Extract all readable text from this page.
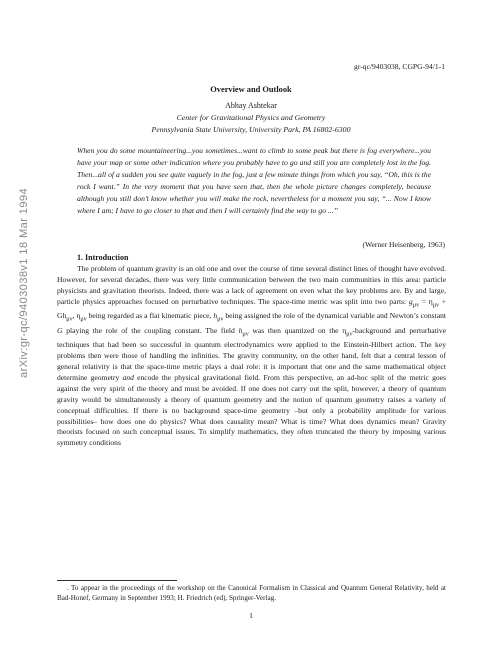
gr-qc/9403038, CGPG-94/1-1
Overview and Outlook
Abhay Ashtekar
Center for Gravitational Physics and Geometry
Pennsylvania State University, University Park, PA 16802-6300

When you do some mountaineering...you sometimes...want to climb to some peak but there is fog everywhere...you have your map or some other indication where you probably have to go and still you are completely lost in the fog. Then...all of a sudden you see quite vaguely in the fog, just a few minute things from which you say, “Oh, this is the rock I want.” In the very moment that you have seen that, then the whole picture changes completely, because although you still don’t know whether you will make the rock, nevertheless for a moment you say, “... Now I know where I am; I have to go closer to that and then I will certainly find the way to go ...”

(Werner Heisenberg, 1963)
1. Introduction

The problem of quantum gravity is an old one and over the course of time several distinct lines of thought have evolved. However, for several decades, there was very little communication between the two main communities in this area: particle physicists and gravitation theorists. Indeed, there was a lack of agreement on even what the key problems are. By and large, particle physics approaches focused on perturbative techniques. The space-time metric was split into two parts: $g_{\mu\nu} = \eta_{\mu\nu} + Gh_{\mu\nu}$, $\eta_{\mu\nu}$ being regarded as a flat kinematic piece, $h_{\mu\nu}$ being assigned the role of the dynamical variable and Newton’s constant G playing the role of the coupling constant. The field $h_{\mu\nu}$ was then quantized on the $\eta_{\mu\nu}$-background and perturbative techniques that had been so successful in quantum electrodynamics were applied to the Einstein-Hilbert action. The key problems then were those of handling the infinities. The gravity community, on the other hand, felt that a central lesson of general relativity is that the space-time metric plays a dual role: it is important that one and the same mathematical object determine geometry and encode the physical gravitational field. From this perspective, an ad-hoc split of the metric goes against the very spirit of the theory and must be avoided. If one does not carry out the split, however, a theory of quantum gravity would be simultaneously a theory of quantum geometry and the notion of quantum geometry raises a variety of conceptual difficulties. If there is no background space-time geometry –but only a probability amplitude for various possibilities– how does one do physics? What does causality mean? What is time? What does dynamics mean? Gravity theorists focused on such conceptual issues. To simplify mathematics, they often truncated the theory by imposing various symmetry conditions

. To appear in the proceedings of the workshop on the Canonical Formalism in Classical and Quantum General Relativity, held at Bad-Honef, Germany in September 1993; H. Friedrich (ed), Springer-Verlag.

1
arXiv:gr-qc/9403038v1 18 Mar 1994
